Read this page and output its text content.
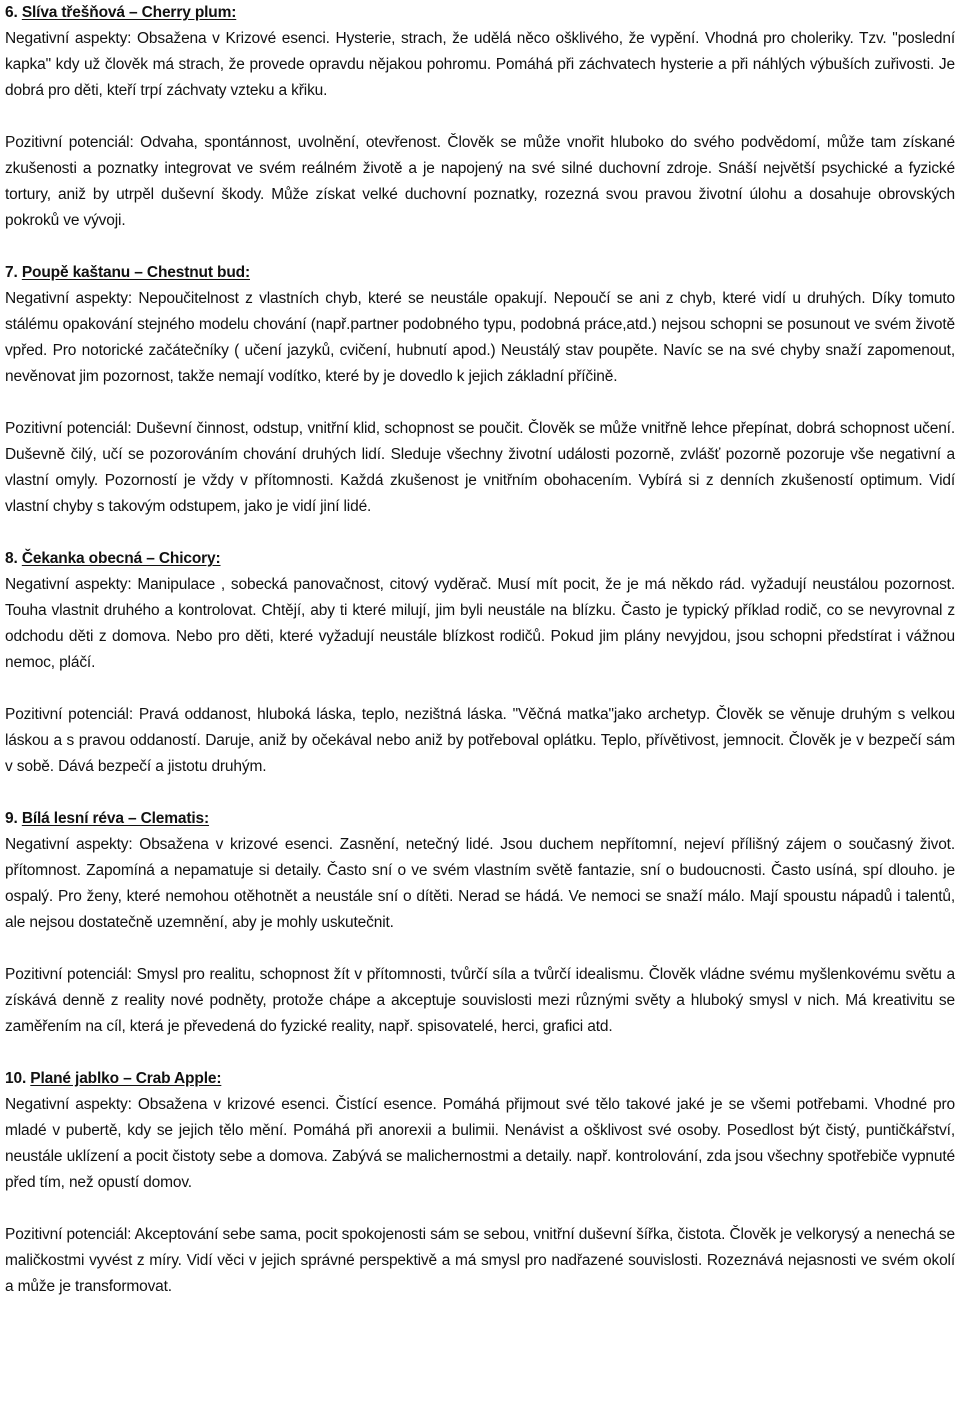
6. Slíva třešňová – Cherry plum:

Negativní aspekty: Obsažena v Krizové esenci. Hysterie, strach, že udělá něco ošklivého, že vypění. Vhodná pro choleriky. Tzv. "poslední kapka" kdy už člověk má strach, že provede opravdu nějakou pohromu. Pomáhá při záchvatech hysterie a při náhlých výbuších zuřivosti. Je dobrá pro děti, kteří trpí záchvaty vzteku a křiku.

Pozitivní potenciál: Odvaha, spontánnost, uvolnění, otevřenost. Člověk se může vnořit hluboko do svého podvědomí, může tam získané zkušenosti a poznatky integrovat ve svém reálném životě a je napojený na své silné duchovní zdroje. Snáší největší psychické a fyzické tortury, aniž by utrpěl duševní škody. Může získat velké duchovní poznatky, rozezná svou pravou životní úlohu a dosahuje obrovských pokroků ve vývoji.

7. Poupě kaštanu – Chestnut bud:

Negativní aspekty: Nepoučitelnost z vlastních chyb, které se neustále opakují. Nepoučí se ani z chyb, které vidí u druhých. Díky tomuto stálému opakování stejného modelu chování (např.partner podobného typu, podobná práce,atd.) nejsou schopni se posunout ve svém životě vpřed. Pro notorické začátečníky ( učení jazyků, cvičení, hubnutí apod.) Neustálý stav poupěte. Navíc se na své chyby snaží zapomenout, nevěnovat jim pozornost, takže nemají vodítko, které by je dovedlo k jejich základní příčině.

Pozitivní potenciál: Duševní činnost, odstup, vnitřní klid, schopnost se poučit. Člověk se může vnitřně lehce přepínat, dobrá schopnost učení. Duševně čilý, učí se pozorováním chování druhých lidí. Sleduje všechny životní události pozorně, zvlášť pozorně pozoruje vše negativní a vlastní omyly. Pozorností je vždy v přítomnosti. Každá zkušenost je vnitřním obohacením. Vybírá si z denních zkušeností optimum. Vidí vlastní chyby s takovým odstupem, jako je vidí jiní lidé.

8. Čekanka obecná – Chicory:

Negativní aspekty: Manipulace , sobecká panovačnost, citový vyděrač. Musí mít pocit, že je má někdo rád. vyžadují neustálou pozornost. Touha vlastnit druhého a kontrolovat. Chtějí, aby ti které milují, jim byli neustále na blízku. Často je typický příklad rodič, co se nevyrovnal z odchodu děti z domova. Nebo pro děti, které vyžadují neustále blízkost rodičů. Pokud jim plány nevyjdou, jsou schopni předstírat i vážnou nemoc, pláčí.

Pozitivní potenciál: Pravá oddanost, hluboká láska, teplo, nezištná láska. "Věčná matka"jako archetyp. Člověk se věnuje druhým s velkou láskou a s pravou oddaností. Daruje, aniž by očekával nebo aniž by potřeboval oplátku. Teplo, přívětivost, jemnocit. Člověk je v bezpečí sám v sobě. Dává bezpečí a jistotu druhým.

9. Bílá lesní réva – Clematis:

Negativní aspekty: Obsažena v krizové esenci. Zasnění, netečný lidé. Jsou duchem nepřítomní, nejeví přílišný zájem o současný život. přítomnost. Zapomíná a nepamatuje si detaily. Často sní o ve svém vlastním světě fantazie, sní o budoucnosti. Často usíná, spí dlouho. je ospalý. Pro ženy, které nemohou otěhotnět a neustále sní o dítěti. Nerad se hádá. Ve nemoci se snaží málo. Mají spoustu nápadů i talentů, ale nejsou dostatečně uzemnění, aby je mohly uskutečnit.

Pozitivní potenciál: Smysl pro realitu, schopnost žít v přítomnosti, tvůrčí síla a tvůrčí idealismu. Člověk vládne svému myšlenkovému světu a získává denně z reality nové podněty, protože chápe a akceptuje souvislosti mezi různými světy a hluboký smysl v nich. Má kreativitu se zaměřením na cíl, která je převedená do fyzické reality, např. spisovatelé, herci, grafici atd.

10. Plané jablko – Crab Apple:

Negativní aspekty: Obsažena v krizové esenci. Čistící esence. Pomáhá přijmout své tělo takové jaké je se všemi potřebami. Vhodné pro mladé v pubertě, kdy se jejich tělo mění. Pomáhá při anorexii a bulimii. Nenávist a ošklivost své osoby. Posedlost být čistý, puntičkářství, neustále uklízení a pocit čistoty sebe a domova. Zabývá se malichernostmi a detaily. např. kontrolování, zda jsou všechny spotřebiče vypnuté před tím, než opustí domov.

Pozitivní potenciál: Akceptování sebe sama, pocit spokojenosti sám se sebou, vnitřní duševní šířka, čistota. Člověk je velkorysý a nenechá se maličkostmi vyvést z míry. Vidí věci v jejich správné perspektivě a má smysl pro nadřazené souvislosti. Rozeznává nejasnosti ve svém okolí a může je transformovat.
